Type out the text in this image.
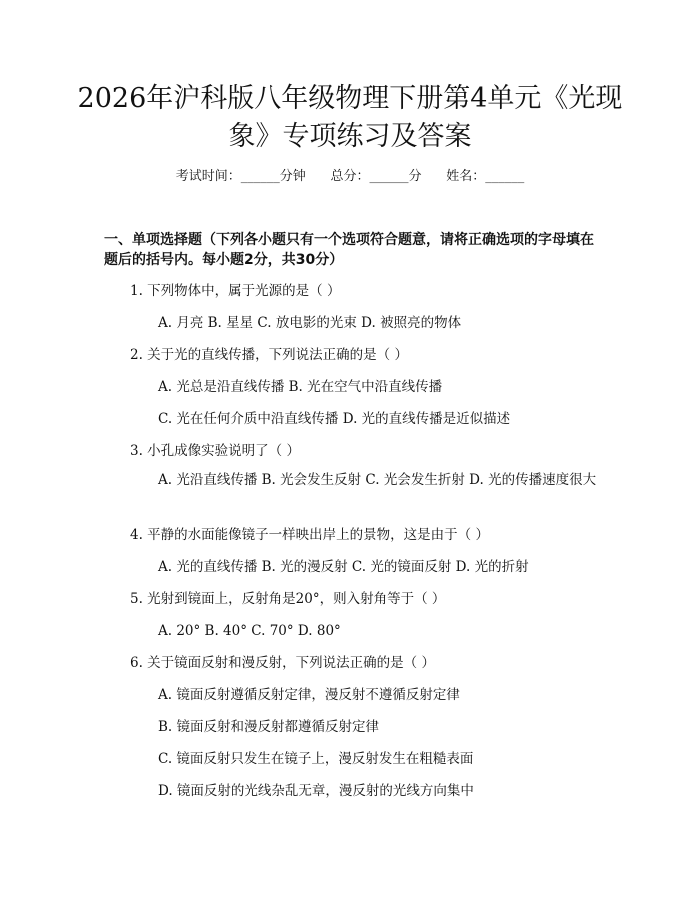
2026年沪科版八年级物理下册第4单元《光现象》专项练习及答案
考试时间：______分钟      总分：______分      姓名：______
一、单项选择题（下列各小题只有一个选项符合题意，请将正确选项的字母填在题后的括号内。每小题2分，共30分）
1. 下列物体中，属于光源的是（ ）
A. 月亮 B. 星星 C. 放电影的光束 D. 被照亮的物体
2. 关于光的直线传播，下列说法正确的是（ ）
A. 光总是沿直线传播 B. 光在空气中沿直线传播
C. 光在任何介质中沿直线传播 D. 光的直线传播是近似描述
3. 小孔成像实验说明了（ ）
A. 光沿直线传播 B. 光会发生反射 C. 光会发生折射 D. 光的传播速度很大
4. 平静的水面能像镜子一样映出岸上的景物，这是由于（ ）
A. 光的直线传播 B. 光的漫反射 C. 光的镜面反射 D. 光的折射
5. 光射到镜面上，反射角是20°，则入射角等于（ ）
A. 20° B. 40° C. 70° D. 80°
6. 关于镜面反射和漫反射，下列说法正确的是（ ）
A. 镜面反射遵循反射定律，漫反射不遵循反射定律
B. 镜面反射和漫反射都遵循反射定律
C. 镜面反射只发生在镜子上，漫反射发生在粗糙表面
D. 镜面反射的光线杂乱无章，漫反射的光线方向集中
